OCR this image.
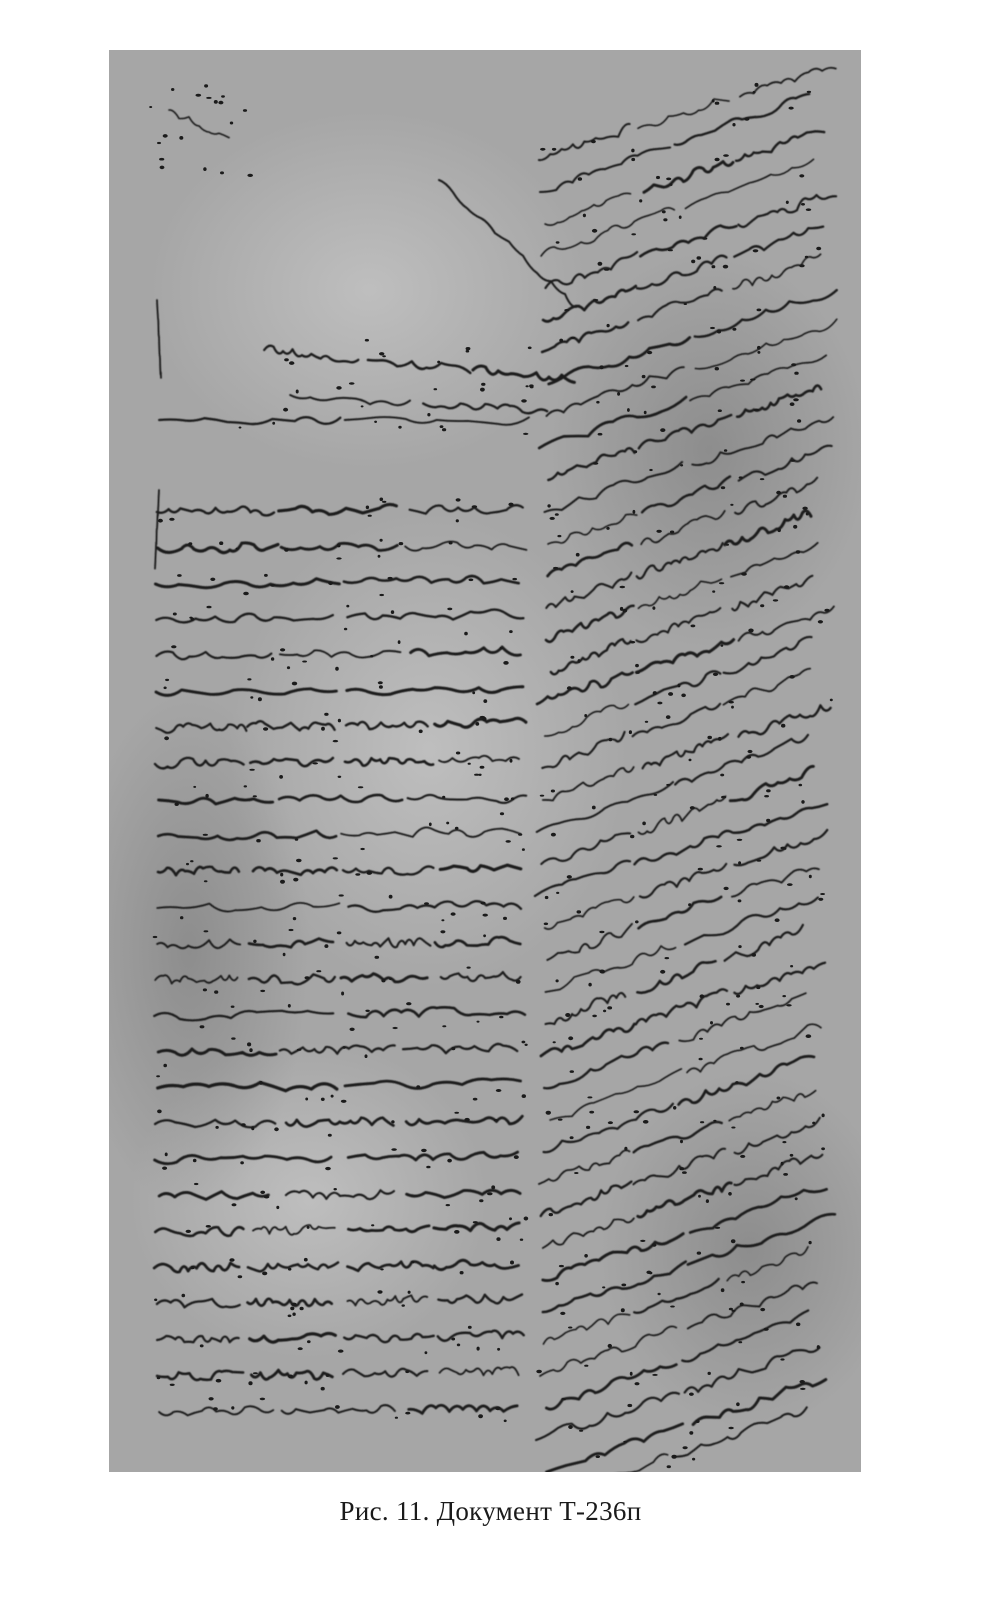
Рис. 11. Документ Т-236п
